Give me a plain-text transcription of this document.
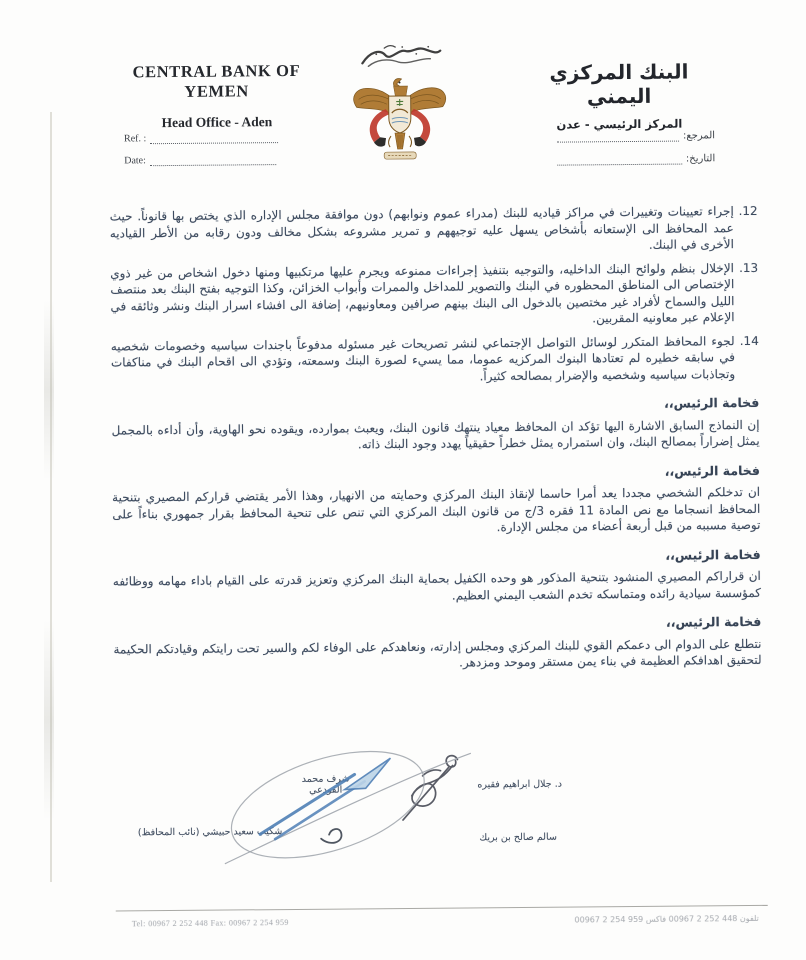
CENTRAL BANK OF YEMEN
Head Office - Aden
Ref. :
Date:
البنك المركزي اليمني
المركز الرئيسي - عدن
المرجع:
التاريخ:

12. إجراء تعيينات وتغييرات في مراكز قياديه للبنك (مدراء عموم ونوابهم) دون موافقة مجلس الإداره الذي يختص بها قانوناً. حيث عمد المحافظ الى الإستعانه بأشخاص يسهل عليه توجيههم و تمرير مشروعه بشكل مخالف ودون رقابه من الأطر القياديه الأخرى في البنك.

13. الإخلال بنظم ولوائح البنك الداخليه، والتوجيه بتنفيذ إجراءات ممنوعه ويجرم عليها مرتكبيها ومنها دخول اشخاص من غير ذوي الإختصاص الى المناطق المحظوره في البنك والتصوير للمداخل والممرات وأبواب الخزائن، وكذا التوجيه بفتح البنك بعد منتصف الليل والسماح لأفراد غير مختصين بالدخول الى البنك بينهم صرافين ومعاونيهم، إضافة الى افشاء اسرار البنك ونشر وثائقه في الإعلام عبر معاونيه المقربين.

14. لجوء المحافظ المتكرر لوسائل التواصل الإجتماعي لنشر تصريحات غير مسئوله مدفوعاً باجندات سياسيه وخصومات شخصيه في سابقه خطيره لم تعتادها البنوك المركزيه عموما، مما يسيء لصورة البنك وسمعته، وتؤدي الى اقحام البنك في مناكفات وتجاذبات سياسيه وشخصيه والإضرار بمصالحه كثيراً.

فخامة الرئيس،،

إن النماذج السابق الاشارة اليها تؤكد ان المحافظ معياد ينتهك قانون البنك، ويعبث بموارده، ويقوده نحو الهاوية، وأن أداءه بالمجمل يمثل إضراراً بمصالح البنك، وان استمراره يمثل خطراً حقيقياً يهدد وجود البنك ذاته.

فخامة الرئيس،،

ان تدخلكم الشخصي مجددا يعد أمرا حاسما لإنقاذ البنك المركزي وحمايته من الانهيار، وهذا الأمر يقتضي قراركم المصيري بتنحية المحافظ انسجاما مع نص المادة 11 فقره 3/ج من قانون البنك المركزي التي تنص على تنحية المحافظ بقرار جمهوري بناءاً على توصية مسببه من قبل أربعة أعضاء من مجلس الإدارة.

فخامة الرئيس،،

ان قراراكم المصيري المنشود بتنحية المذكور هو وحده الكفيل بحماية البنك المركزي وتعزيز قدرته على القيام باداء مهامه ووظائفه كمؤسسة سيادية رائده ومتماسكه تخدم الشعب اليمني العظيم.

فخامة الرئيس،،

نتطلع على الدوام الى دعمكم القوي للبنك المركزي ومجلس إدارته، ونعاهدكم على الوفاء لكم والسير تحت رايتكم وقيادتكم الحكيمة لتحقيق اهدافكم العظيمة في بناء يمن مستقر وموحد ومزدهر.

د. جلال ابراهيم فقيره
سالم صالح بن بريك
شرف محمد الفودعي
شكيب سعيد حبيشي (نائب المحافظ)
Tel: 00967 2 252 448 Fax: 00967 2 254 959	تلفون 448 252 2 00967 فاكس 959 254 2 00967
